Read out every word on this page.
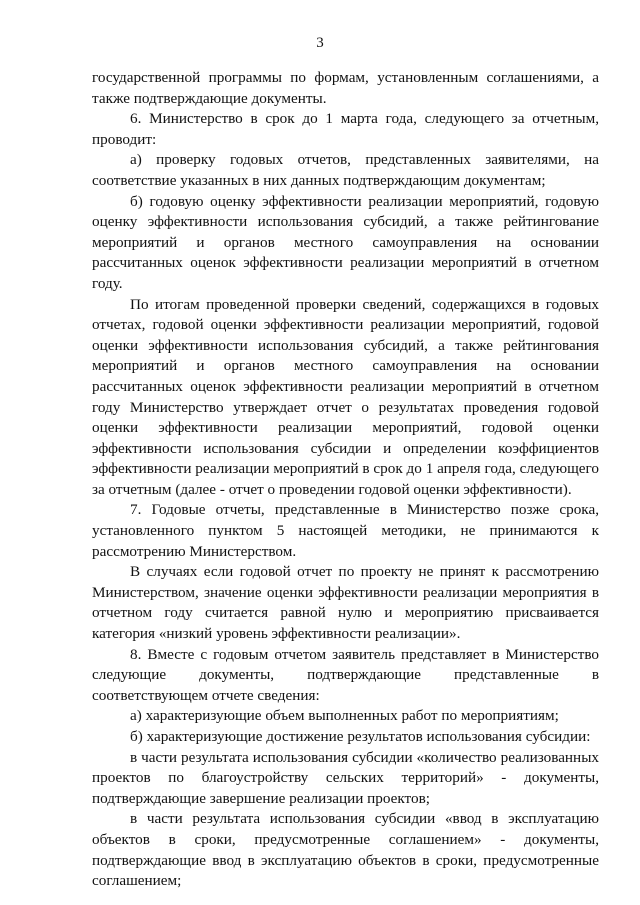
3

государственной программы по формам, установленным соглашениями, а также подтверждающие документы.

6. Министерство в срок до 1 марта года, следующего за отчетным, проводит:

а) проверку годовых отчетов, представленных заявителями, на соответствие указанных в них данных подтверждающим документам;

б) годовую оценку эффективности реализации мероприятий, годовую оценку эффективности использования субсидий, а также рейтингование мероприятий и органов местного самоуправления на основании рассчитанных оценок эффективности реализации мероприятий в отчетном году.

По итогам проведенной проверки сведений, содержащихся в годовых отчетах, годовой оценки эффективности реализации мероприятий, годовой оценки эффективности использования субсидий, а также рейтингования мероприятий и органов местного самоуправления на основании рассчитанных оценок эффективности реализации мероприятий в отчетном году Министерство утверждает отчет о результатах проведения годовой оценки эффективности реализации мероприятий, годовой оценки эффективности использования субсидии и определении коэффициентов эффективности реализации мероприятий в срок до 1 апреля года, следующего за отчетным (далее - отчет о проведении годовой оценки эффективности).

7. Годовые отчеты, представленные в Министерство позже срока, установленного пунктом 5 настоящей методики, не принимаются к рассмотрению Министерством.

В случаях если годовой отчет по проекту не принят к рассмотрению Министерством, значение оценки эффективности реализации мероприятия в отчетном году считается равной нулю и мероприятию присваивается категория «низкий уровень эффективности реализации».

8. Вместе с годовым отчетом заявитель представляет в Министерство следующие документы, подтверждающие представленные в соответствующем отчете сведения:

а) характеризующие объем выполненных работ по мероприятиям;

б) характеризующие достижение результатов использования субсидии:

в части результата использования субсидии «количество реализованных проектов по благоустройству сельских территорий» - документы, подтверждающие завершение реализации проектов;

в части результата использования субсидии «ввод в эксплуатацию объектов в сроки, предусмотренные соглашением» - документы, подтверждающие ввод в эксплуатацию объектов в сроки, предусмотренные соглашением;
